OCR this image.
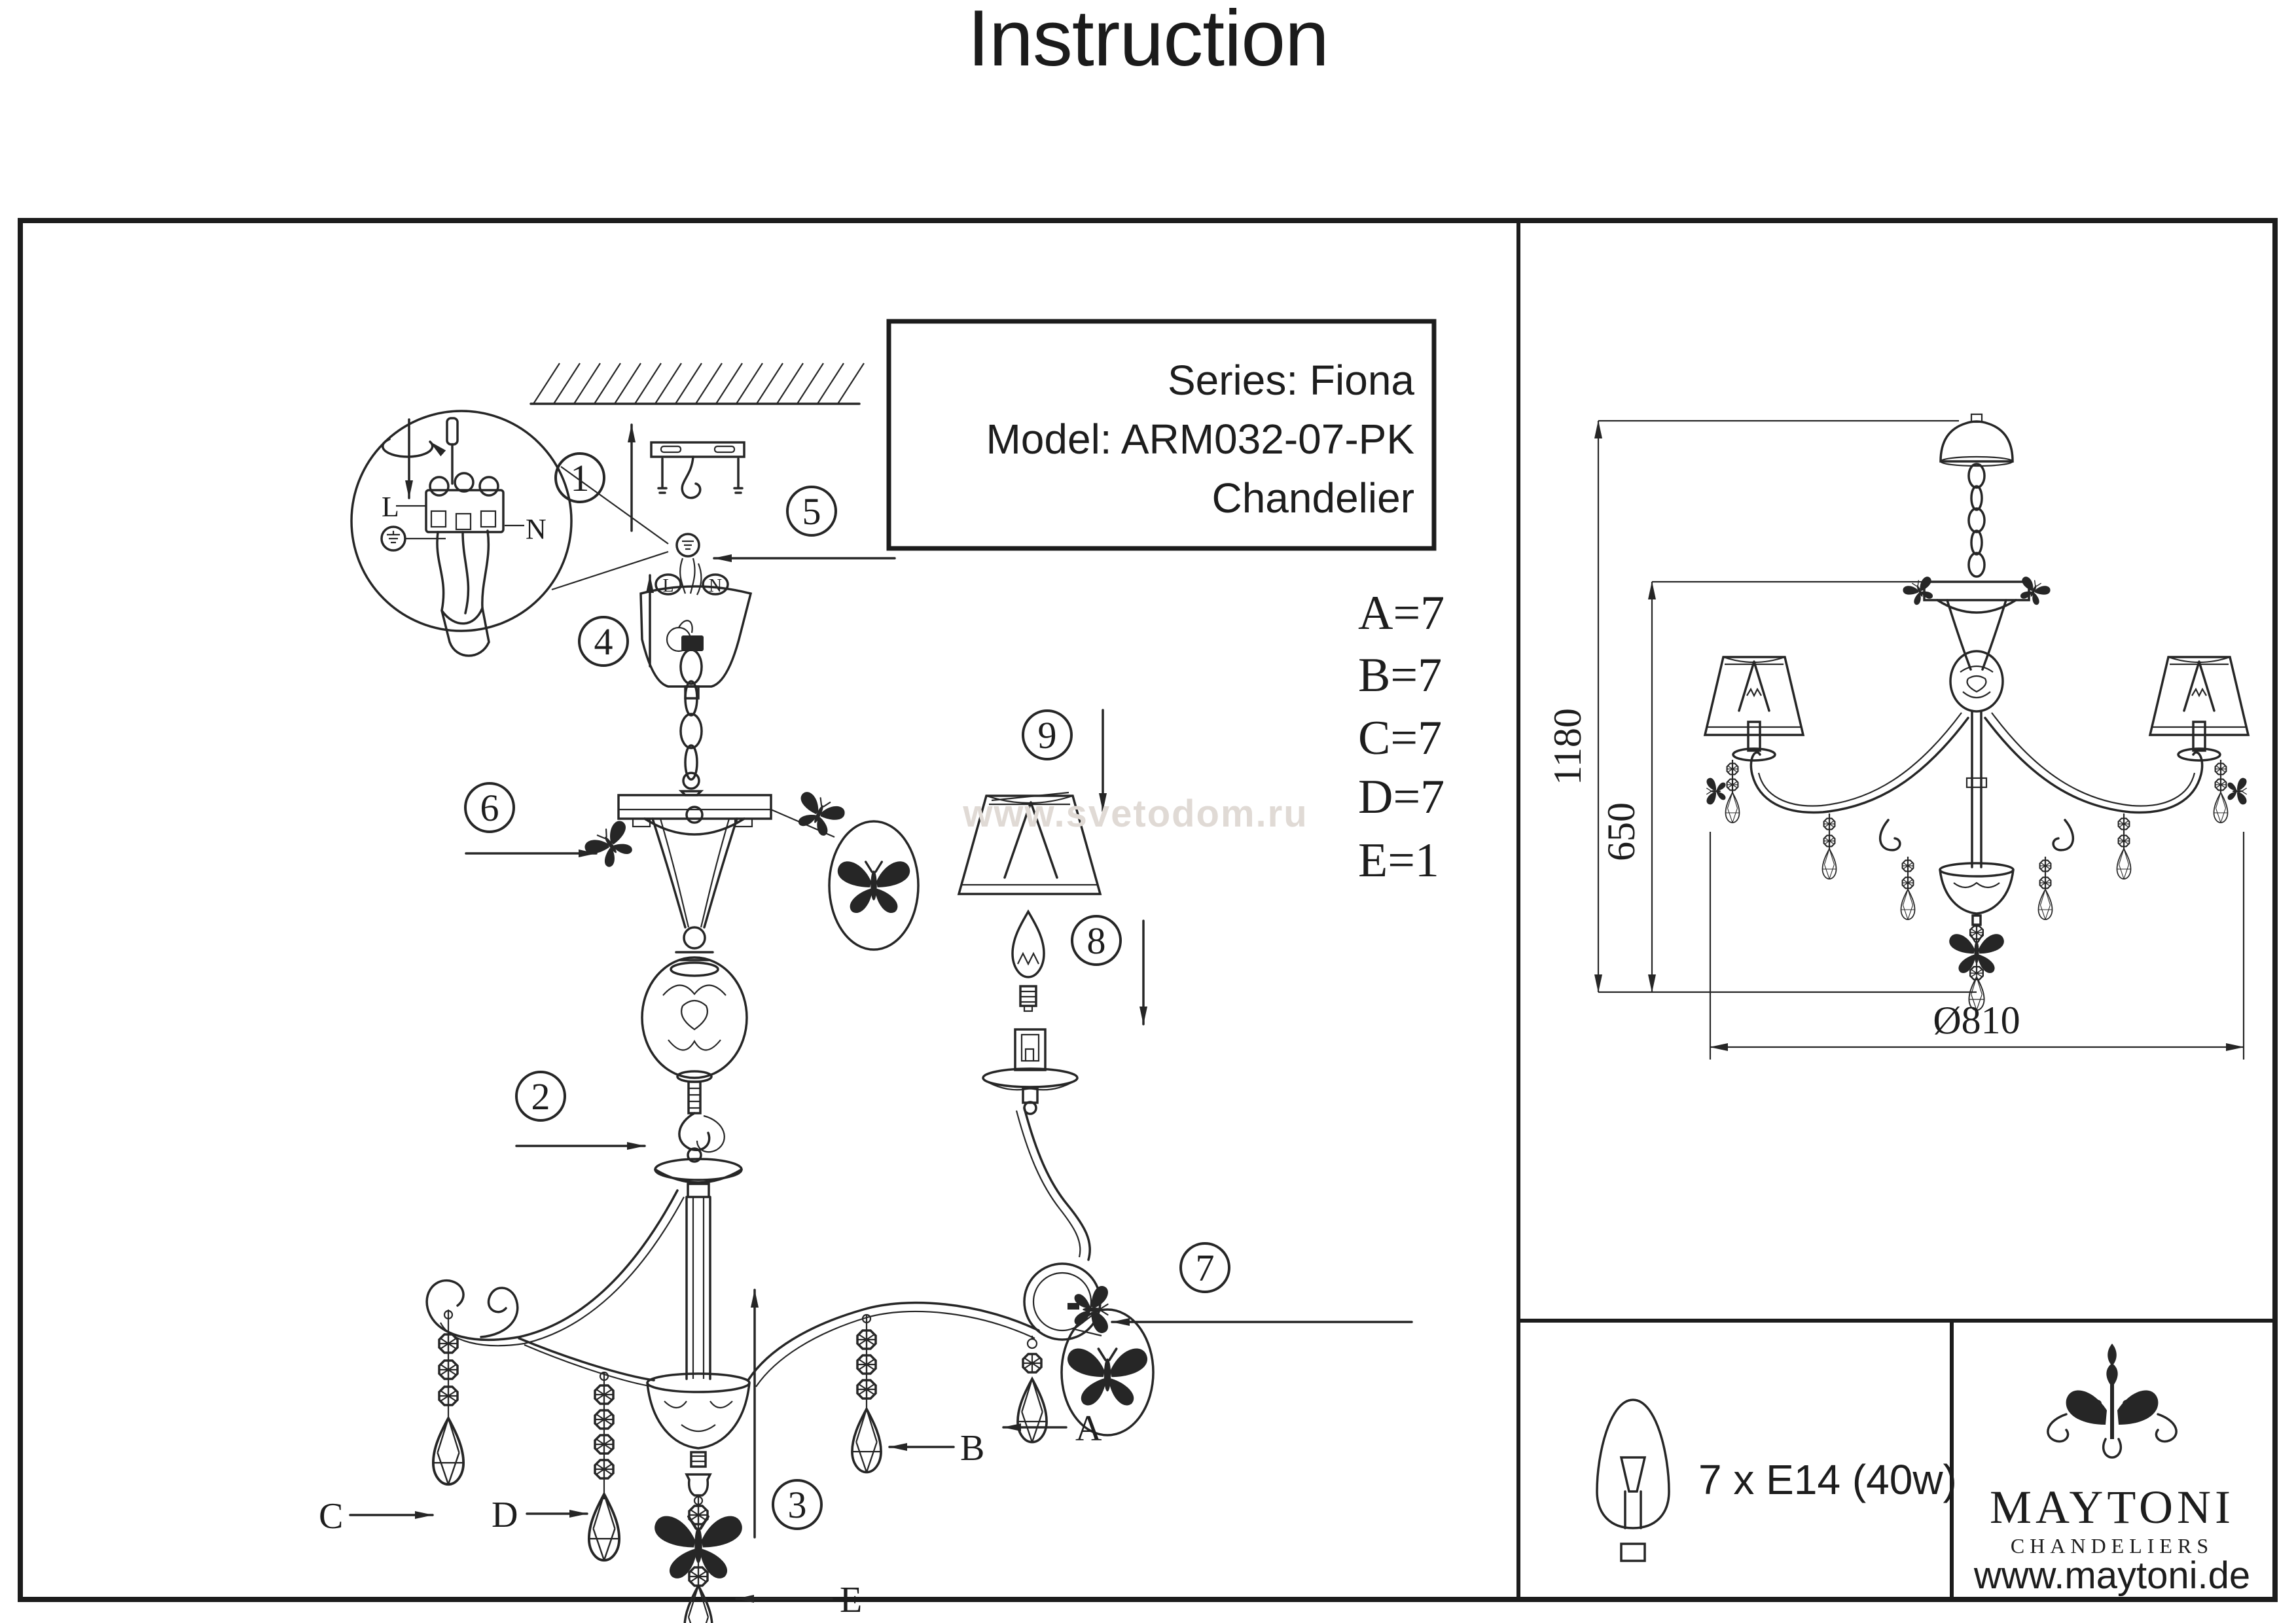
Instruction
1
5
L
N
L N
4
6
2
9
8
7
3
C	D
E
B A
www.svetodom.ru
Series: Fiona
Model: ARM032-07-PK
Chandelier
A=7
B=7
C=7
D=7
E=1
1180
650
Ø810
7 x E14 (40w)
MAYTONI
CHANDELIERS
www.maytoni.de
